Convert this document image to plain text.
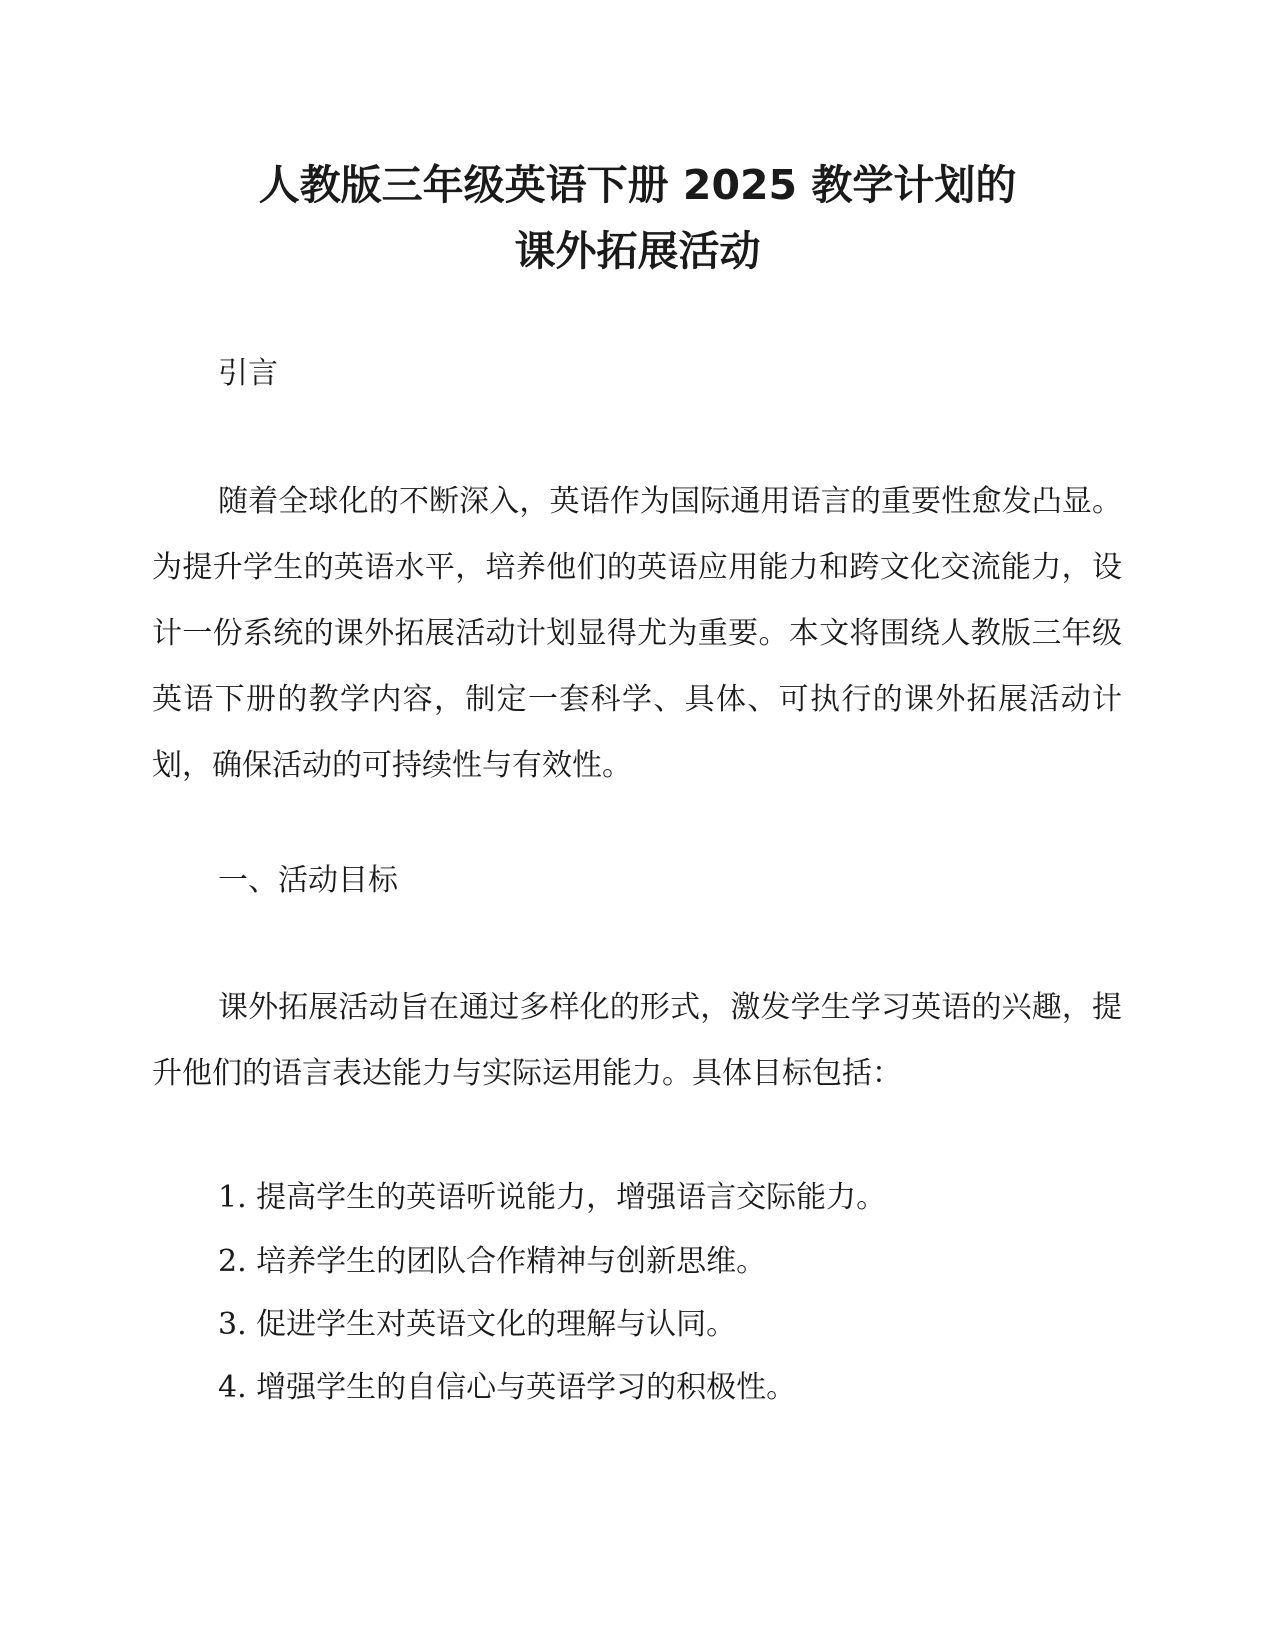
人教版三年级英语下册 2025 教学计划的
课外拓展活动

引言

随着全球化的不断深入，英语作为国际通用语言的重要性愈发凸显。为提升学生的英语水平，培养他们的英语应用能力和跨文化交流能力，设计一份系统的课外拓展活动计划显得尤为重要。本文将围绕人教版三年级英语下册的教学内容，制定一套科学、具体、可执行的课外拓展活动计划，确保活动的可持续性与有效性。

一、活动目标

课外拓展活动旨在通过多样化的形式，激发学生学习英语的兴趣，提升他们的语言表达能力与实际运用能力。具体目标包括：

1. 提高学生的英语听说能力，增强语言交际能力。

2. 培养学生的团队合作精神与创新思维。

3. 促进学生对英语文化的理解与认同。

4. 增强学生的自信心与英语学习的积极性。
